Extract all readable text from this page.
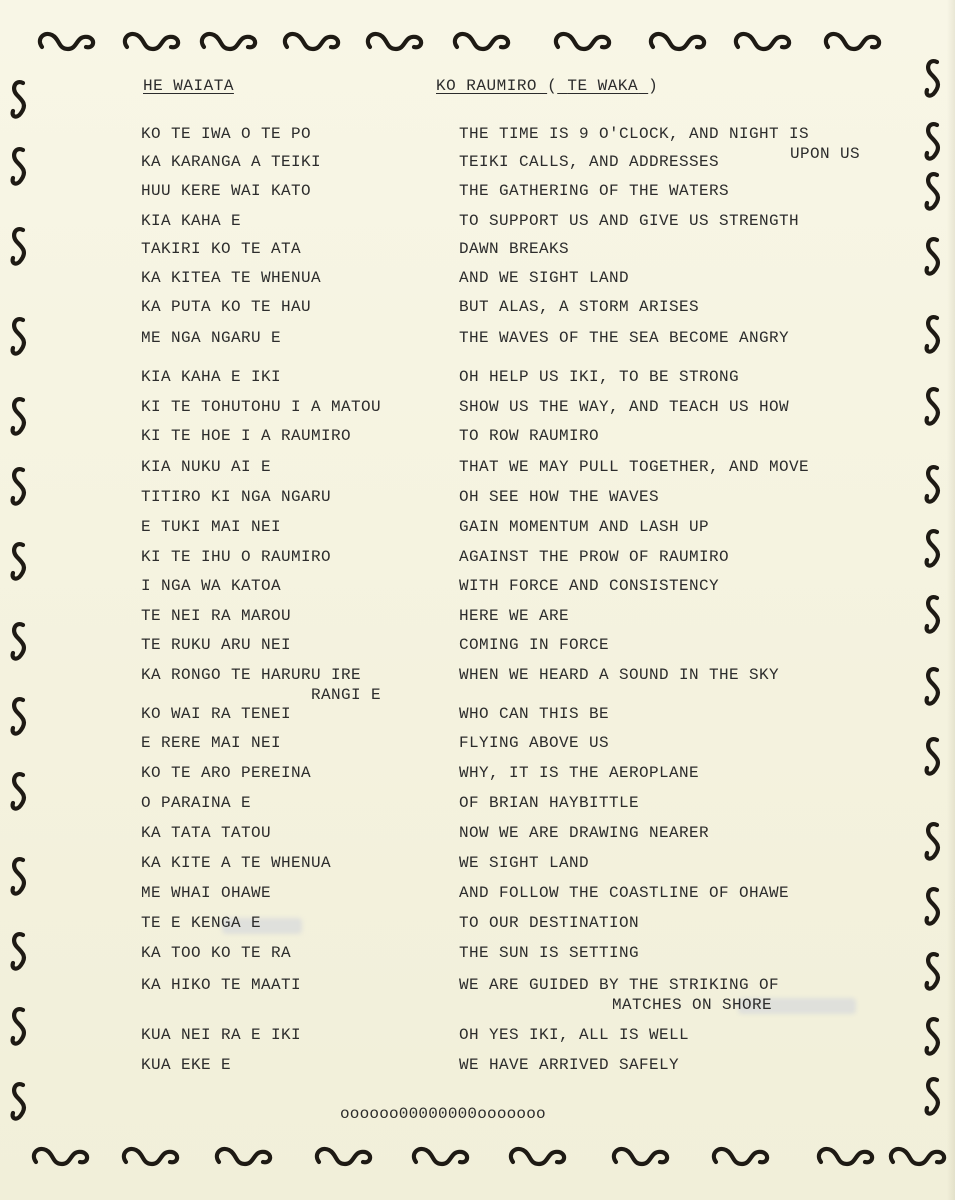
HE WAIATA	KO RAUMIRO ( TE WAKA )
KO TE IWA O TE PO	THE TIME IS 9 O'CLOCK, AND NIGHT IS
UPON US
KA KARANGA A TEIKI	TEIKI CALLS, AND ADDRESSES
HUU KERE WAI KATO	THE GATHERING OF THE WATERS
KIA KAHA E	TO SUPPORT US AND GIVE US STRENGTH
TAKIRI KO TE ATA	DAWN BREAKS
KA KITEA TE WHENUA	AND WE SIGHT LAND
KA PUTA KO TE HAU	BUT ALAS, A STORM ARISES
ME NGA NGARU E	THE WAVES OF THE SEA BECOME ANGRY
KIA KAHA E IKI	OH HELP US IKI, TO BE STRONG
KI TE TOHUTOHU I A MATOU	SHOW US THE WAY, AND TEACH US HOW
KI TE HOE I A RAUMIRO	TO ROW RAUMIRO
KIA NUKU AI E	THAT WE MAY PULL TOGETHER, AND MOVE
TITIRO KI NGA NGARU	OH SEE HOW THE WAVES
E TUKI MAI NEI	GAIN MOMENTUM AND LASH UP
KI TE IHU O RAUMIRO	AGAINST THE PROW OF RAUMIRO
I NGA WA KATOA	WITH FORCE AND CONSISTENCY
TE NEI RA MAROU	HERE WE ARE
TE RUKU ARU NEI	COMING IN FORCE
KA RONGO TE HARURU IRE	WHEN WE HEARD A SOUND IN THE SKY
RANGI E
KO WAI RA TENEI	WHO CAN THIS BE
E RERE MAI NEI	FLYING ABOVE US
KO TE ARO PEREINA	WHY, IT IS THE AEROPLANE
O PARAINA E	OF BRIAN HAYBITTLE
KA TATA TATOU	NOW WE ARE DRAWING NEARER
KA KITE A TE WHENUA	WE SIGHT LAND
ME WHAI OHAWE	AND FOLLOW THE COASTLINE OF OHAWE
TE E KENGA E	TO OUR DESTINATION
KA TOO KO TE RA	THE SUN IS SETTING
KA HIKO TE MAATI	WE ARE GUIDED BY THE STRIKING OF
MATCHES ON SHORE
KUA NEI RA E IKI	OH YES IKI, ALL IS WELL
KUA EKE E	WE HAVE ARRIVED SAFELY
oooooo00000000ooooooo
